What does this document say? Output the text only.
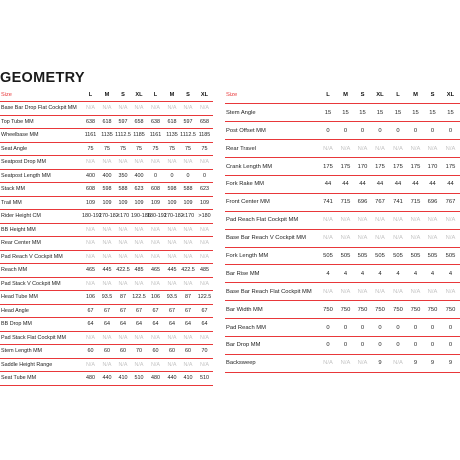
GEOMETRY
Size	L	M	S	XL	L	M	S	XL
Base Bar Drop Flat Cockpit MM	N/A	N/A	N/A	N/A	N/A	N/A	N/A	N/A
Top Tube MM	638	618	597	658	638	618	597	658
Wheelbase MM	1161	1135	1112.5	1185	1161	1135	1112.5	1185
Seat Angle	75	75	75	75	75	75	75	75
Seatpost Drop MM	N/A	N/A	N/A	N/A	N/A	N/A	N/A	N/A
Seatpost Length MM	400	400	350	400	0	0	0	0
Stack MM	608	598	588	623	608	598	588	623
Trail MM	109	109	109	109	109	109	109	109
Rider Height CM	180-192	170-182	<170	190-186	180-192	170-182	<170	>180
BB Height MM	N/A	N/A	N/A	N/A	N/A	N/A	N/A	N/A
Rear Center MM	N/A	N/A	N/A	N/A	N/A	N/A	N/A	N/A
Pad Reach V Cockpit MM	N/A	N/A	N/A	N/A	N/A	N/A	N/A	N/A
Reach MM	465	445	422.5	485	465	445	422.5	485
Pad Stack V Cockpit MM	N/A	N/A	N/A	N/A	N/A	N/A	N/A	N/A
Head Tube MM	106	93.5	87	122.5	106	93.5	87	122.5
Head Angle	67	67	67	67	67	67	67	67
BB Drop MM	64	64	64	64	64	64	64	64
Pad Stack Flat Cockpit MM	N/A	N/A	N/A	N/A	N/A	N/A	N/A	N/A
Stem Length MM	60	60	60	70	60	60	60	70
Saddle Height Range	N/A	N/A	N/A	N/A	N/A	N/A	N/A	N/A
Seat Tube MM	480	440	410	510	480	440	410	510
Size	L	M	S	XL	L	M	S	XL
Stem Angle	15	15	15	15	15	15	15	15
Post Offset MM	0	0	0	0	0	0	0	0
Rear Travel	N/A	N/A	N/A	N/A	N/A	N/A	N/A	N/A
Crank Length MM	175	175	170	175	175	175	170	175
Fork Rake MM	44	44	44	44	44	44	44	44
Front Center MM	741	715	696	767	741	715	696	767
Pad Reach Flat Cockpit MM	N/A	N/A	N/A	N/A	N/A	N/A	N/A	N/A
Base Bar Reach V Cockpit MM	N/A	N/A	N/A	N/A	N/A	N/A	N/A	N/A
Fork Length MM	505	505	505	505	505	505	505	505
Bar Rise MM	4	4	4	4	4	4	4	4
Base Bar Reach Flat Cockpit MM	N/A	N/A	N/A	N/A	N/A	N/A	N/A	N/A
Bar Width MM	750	750	750	750	750	750	750	750
Pad Reach MM	0	0	0	0	0	0	0	0
Bar Drop MM	0	0	0	0	0	0	0	0
Backsweep	N/A	N/A	N/A	9	N/A	9	9	9
